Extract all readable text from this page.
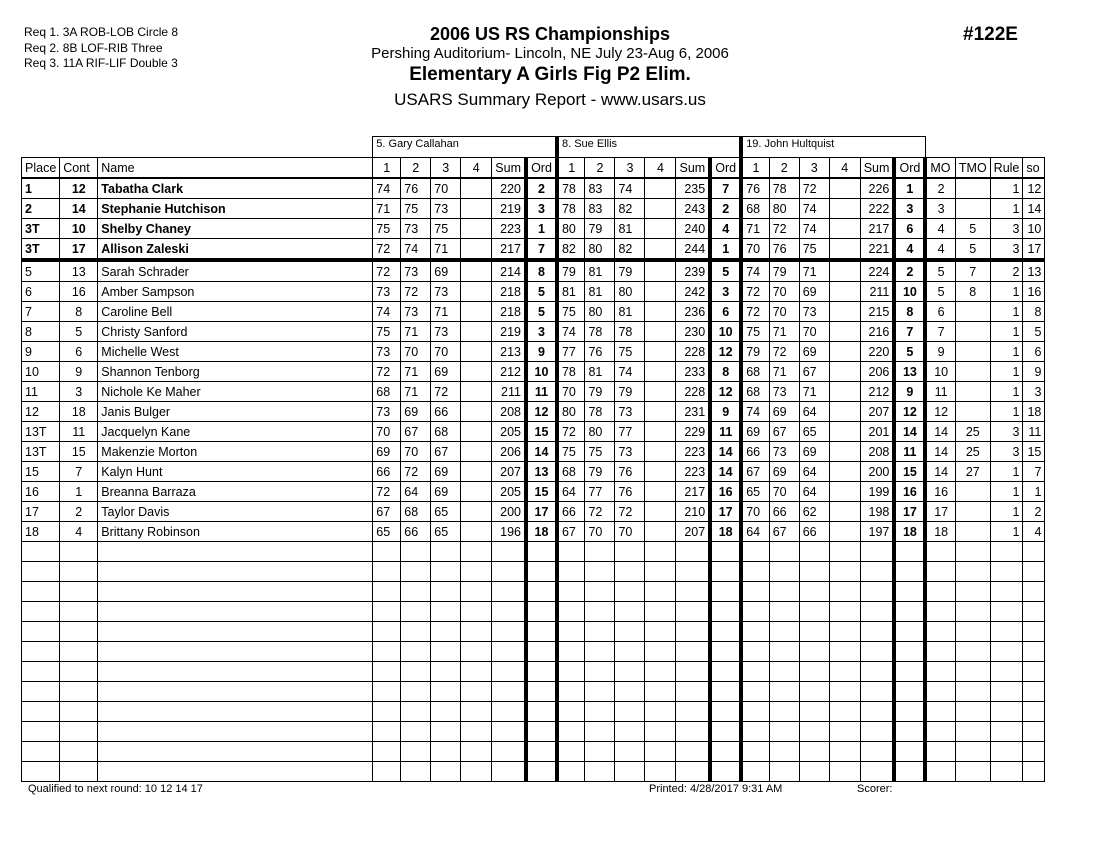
Req 1. 3A ROB-LOB Circle 8
Req 2. 8B LOF-RIB Three
Req 3. 11A RIF-LIF Double 3
2006 US RS Championships
Pershing Auditorium- Lincoln, NE July 23-Aug 6, 2006
Elementary A Girls Fig P2 Elim.
USARS Summary Report - www.usars.us
#122E
			5. Gary Callahan						8. Sue Ellis						19. John Hultquist									
Place	Cont	Name	1	2	3	4	Sum	Ord	1	2	3	4	Sum	Ord	1	2	3	4	Sum	Ord	MO	TMO	Rule	so
1	12	Tabatha Clark	74	76	70		220	2	78	83	74		235	7	76	78	72		226	1	2		1	12
2	14	Stephanie Hutchison	71	75	73		219	3	78	83	82		243	2	68	80	74		222	3	3		1	14
3T	10	Shelby Chaney	75	73	75		223	1	80	79	81		240	4	71	72	74		217	6	4	5	3	10
3T	17	Allison Zaleski	72	74	71		217	7	82	80	82		244	1	70	76	75		221	4	4	5	3	17
5	13	Sarah Schrader	72	73	69		214	8	79	81	79		239	5	74	79	71		224	2	5	7	2	13
6	16	Amber Sampson	73	72	73		218	5	81	81	80		242	3	72	70	69		211	10	5	8	1	16
7	8	Caroline Bell	74	73	71		218	5	75	80	81		236	6	72	70	73		215	8	6		1	8
8	5	Christy Sanford	75	71	73		219	3	74	78	78		230	10	75	71	70		216	7	7		1	5
9	6	Michelle West	73	70	70		213	9	77	76	75		228	12	79	72	69		220	5	9		1	6
10	9	Shannon Tenborg	72	71	69		212	10	78	81	74		233	8	68	71	67		206	13	10		1	9
11	3	Nichole Ke Maher	68	71	72		211	11	70	79	79		228	12	68	73	71		212	9	11		1	3
12	18	Janis Bulger	73	69	66		208	12	80	78	73		231	9	74	69	64		207	12	12		1	18
13T	11	Jacquelyn Kane	70	67	68		205	15	72	80	77		229	11	69	67	65		201	14	14	25	3	11
13T	15	Makenzie Morton	69	70	67		206	14	75	75	73		223	14	66	73	69		208	11	14	25	3	15
15	7	Kalyn Hunt	66	72	69		207	13	68	79	76		223	14	67	69	64		200	15	14	27	1	7
16	1	Breanna Barraza	72	64	69		205	15	64	77	76		217	16	65	70	64		199	16	16		1	1
17	2	Taylor Davis	67	68	65		200	17	66	72	72		210	17	70	66	62		198	17	17		1	2
18	4	Brittany Robinson	65	66	65		196	18	67	70	70		207	18	64	67	66		197	18	18		1	4

Qualified to next round: 10 12 14 17	Printed: 4/28/2017 9:31 AM	Scorer:
